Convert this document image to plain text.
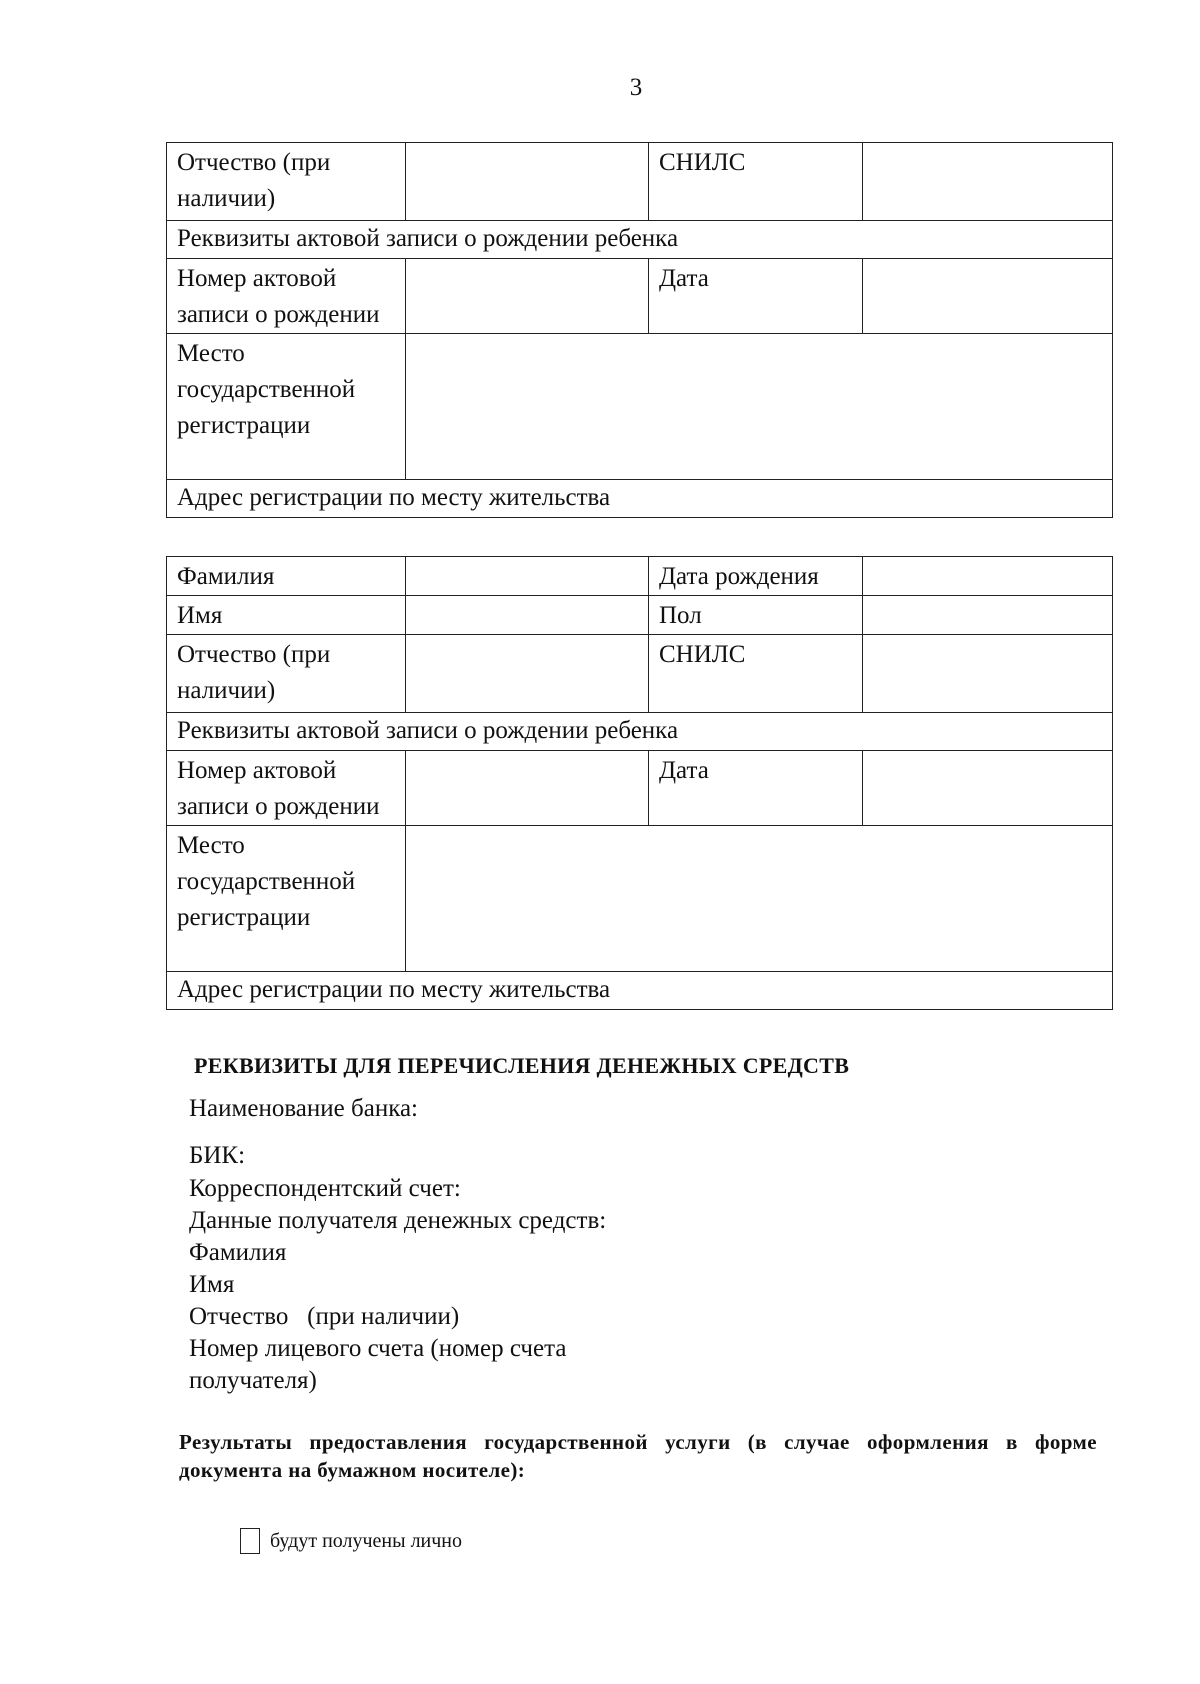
3
Отчество (при наличии)		СНИЛС	
Реквизиты актовой записи о рождении ребенка			
Номер актовой записи о рождении		Дата	
Место государственной регистрации			
Адрес регистрации по месту жительства			
Фамилия		Дата рождения	
Имя		Пол	
Отчество (при наличии)		СНИЛС	
Реквизиты актовой записи о рождении ребенка			
Номер актовой записи о рождении		Дата	
Место государственной регистрации			
Адрес регистрации по месту жительства			
РЕКВИЗИТЫ ДЛЯ ПЕРЕЧИСЛЕНИЯ ДЕНЕЖНЫХ СРЕДСТВ
Наименование банка:
БИК:
Корреспондентский счет:
Данные получателя денежных средств:
Фамилия
Имя
Отчество   (при наличии)
Номер лицевого счета (номер счета
получателя)
Результаты предоставления государственной услуги (в случае оформления в форме документа на бумажном носителе):
будут получены лично
